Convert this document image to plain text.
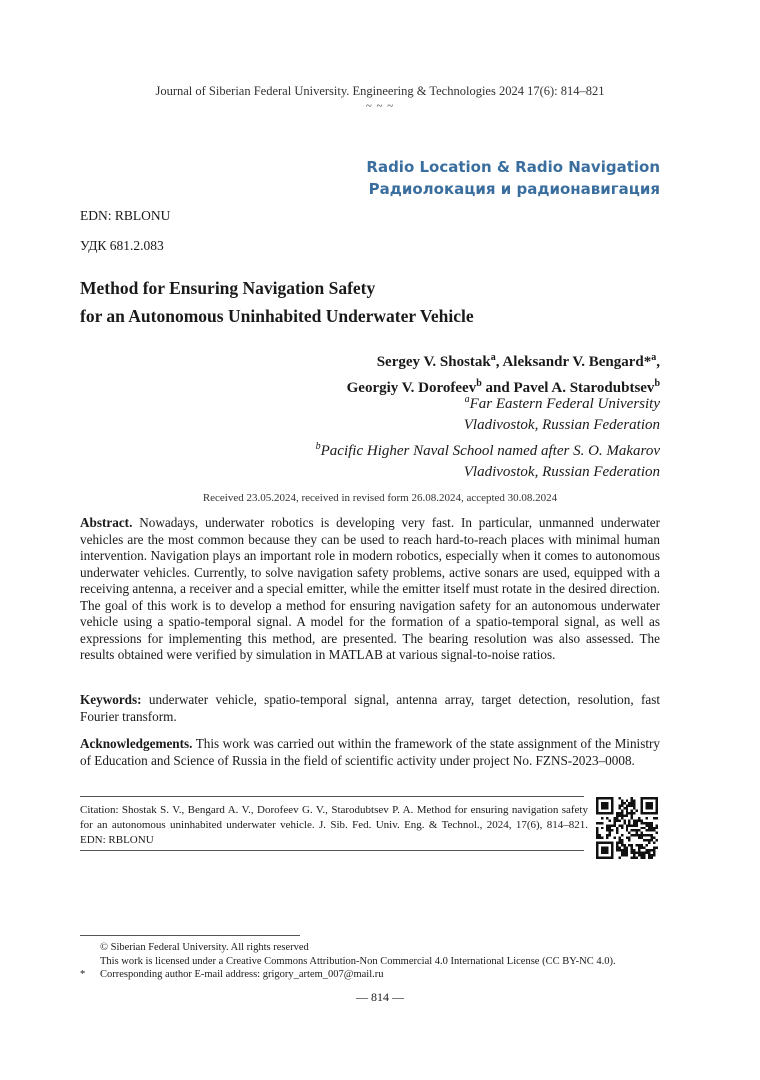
Journal of Siberian Federal University. Engineering & Technologies 2024 17(6): 814–821
~ ~ ~
Radio Location & Radio Navigation
Радиолокация и радионавигация
EDN: RBLONU
УДК 681.2.083
Method for Ensuring Navigation Safety
for an Autonomous Uninhabited Underwater Vehicle
Sergey V. Shostak$^a$, Aleksandr V. Bengard*$^a$,
Georgiy V. Dorofeev$^b$ and Pavel A. Starodubtsev$^b$
$^a$Far Eastern Federal University
Vladivostok, Russian Federation
$^b$Pacific Higher Naval School named after S. O. Makarov
Vladivostok, Russian Federation
Received 23.05.2024, received in revised form 26.08.2024, accepted 30.08.2024
Abstract. Nowadays, underwater robotics is developing very fast. In particular, unmanned underwater vehicles are the most common because they can be used to reach hard-to-reach places with minimal human intervention. Navigation plays an important role in modern robotics, especially when it comes to autonomous underwater vehicles. Currently, to solve navigation safety problems, active sonars are used, equipped with a receiving antenna, a receiver and a special emitter, while the emitter itself must rotate in the desired direction. The goal of this work is to develop a method for ensuring navigation safety for an autonomous underwater vehicle using a spatio-temporal signal. A model for the formation of a spatio-temporal signal, as well as expressions for implementing this method, are presented. The bearing resolution was also assessed. The results obtained were verified by simulation in MATLAB at various signal-to-noise ratios.
Keywords: underwater vehicle, spatio-temporal signal, antenna array, target detection, resolution, fast Fourier transform.
Acknowledgements. This work was carried out within the framework of the state assignment of the Ministry of Education and Science of Russia in the field of scientific activity under project No. FZNS-2023–0008.
Citation: Shostak S. V., Bengard A. V., Dorofeev G. V., Starodubtsev P. A. Method for ensuring navigation safety for an autonomous uninhabited underwater vehicle. J. Sib. Fed. Univ. Eng. & Technol., 2024, 17(6), 814–821. EDN: RBLONU
© Siberian Federal University. All rights reserved
This work is licensed under a Creative Commons Attribution-Non Commercial 4.0 International License (CC BY-NC 4.0).
* Corresponding author E-mail address: grigory_artem_007@mail.ru
— 814 —
